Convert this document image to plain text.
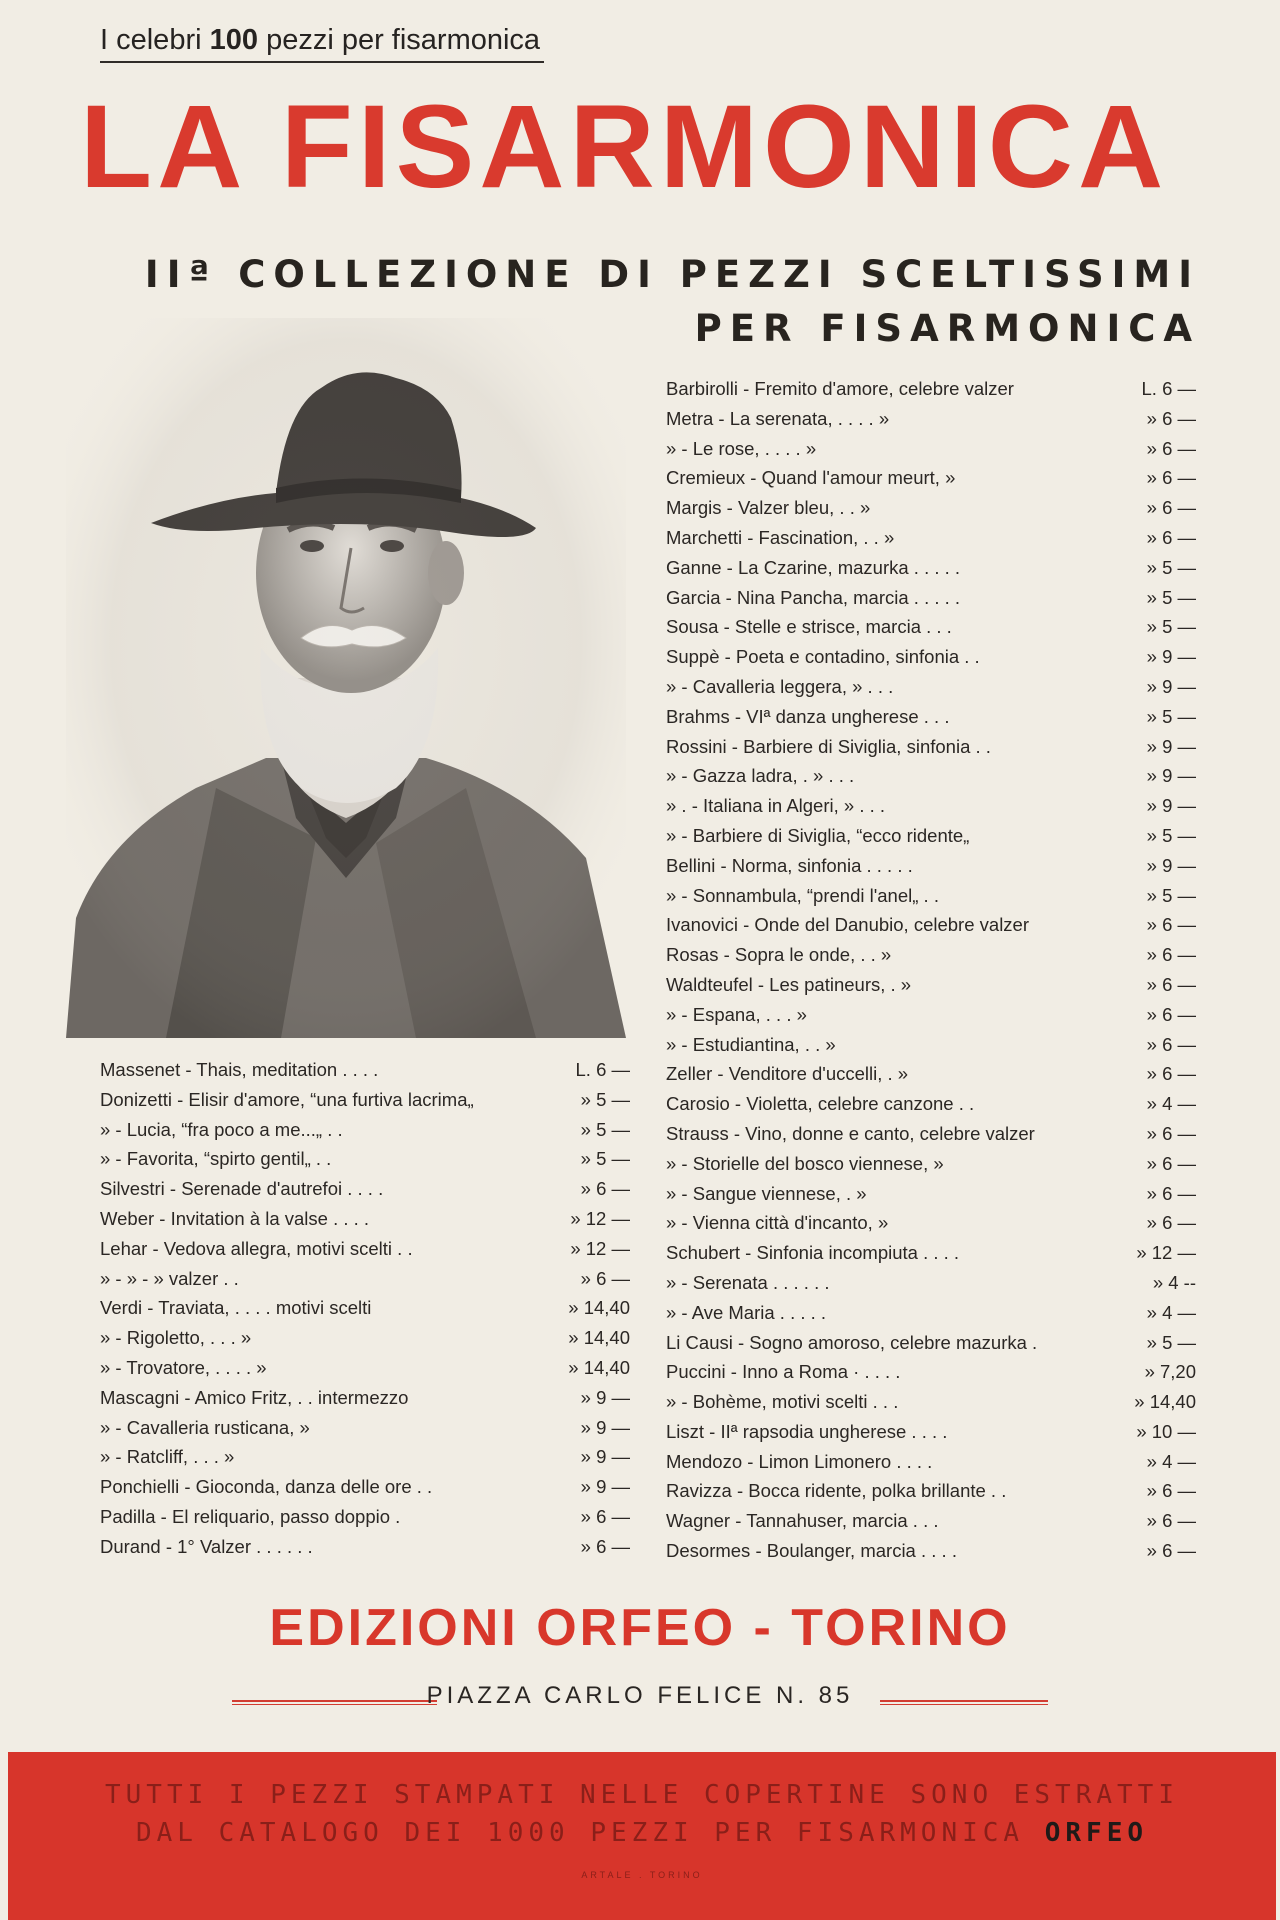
I celebri 100 pezzi per fisarmonica
LA FISARMONICA
IIª COLLEZIONE DI PEZZI SCELTISSIMI
PER FISARMONICA
Barbirolli - Fremito d'amore, celebre valzer	L. 6 —
Metra - La serenata, . . . . »	» 6 —
» - Le rose, . . . . »	» 6 —
Cremieux - Quand l'amour meurt, »	» 6 —
Margis - Valzer bleu, . . »	» 6 —
Marchetti - Fascination, . . »	» 6 —
Ganne - La Czarine, mazurka . . . . .	» 5 —
Garcia - Nina Pancha, marcia . . . . .	» 5 —
Sousa - Stelle e strisce, marcia . . .	» 5 —
Suppè - Poeta e contadino, sinfonia . .	» 9 —
» - Cavalleria leggera, » . . .	» 9 —
Brahms - VIª danza ungherese . . .	» 5 —
Rossini - Barbiere di Siviglia, sinfonia . .	» 9 —
» - Gazza ladra, . » . . .	» 9 —
» . - Italiana in Algeri, » . . .	» 9 —
» - Barbiere di Siviglia, “ecco ridente„	» 5 —
Bellini - Norma, sinfonia . . . . .	» 9 —
» - Sonnambula, “prendi l'anel„ . .	» 5 —
Ivanovici - Onde del Danubio, celebre valzer	» 6 —
Rosas - Sopra le onde, . . »	» 6 —
Waldteufel - Les patineurs, . »	» 6 —
» - Espana, . . . »	» 6 —
» - Estudiantina, . . »	» 6 —
Zeller - Venditore d'uccelli, . »	» 6 —
Carosio - Violetta, celebre canzone . .	» 4 —
Strauss - Vino, donne e canto, celebre valzer	» 6 —
» - Storielle del bosco viennese, »	» 6 —
» - Sangue viennese, . »	» 6 —
» - Vienna città d'incanto, »	» 6 —
Schubert - Sinfonia incompiuta . . . .	» 12 —
» - Serenata . . . . . .	» 4 --
» - Ave Maria . . . . .	» 4 —
Li Causi - Sogno amoroso, celebre mazurka .	» 5 —
Puccini - Inno a Roma · . . . .	» 7,20
» - Bohème, motivi scelti . . .	» 14,40
Liszt - IIª rapsodia ungherese . . . .	» 10 —
Mendozo - Limon Limonero . . . .	» 4 —
Ravizza - Bocca ridente, polka brillante . .	» 6 —
Wagner - Tannahuser, marcia . . .	» 6 —
Desormes - Boulanger, marcia . . . .	» 6 —
Massenet - Thais, meditation . . . .	L. 6 —
Donizetti - Elisir d'amore, “una furtiva lacrima„	» 5 —
» - Lucia, “fra poco a me...„ . .	» 5 —
» - Favorita, “spirto gentil„ . .	» 5 —
Silvestri - Serenade d'autrefoi . . . .	» 6 —
Weber - Invitation à la valse . . . .	» 12 —
Lehar - Vedova allegra, motivi scelti . .	» 12 —
» - » - » valzer . .	» 6 —
Verdi - Traviata, . . . . motivi scelti	» 14,40
» - Rigoletto, . . . »	» 14,40
» - Trovatore, . . . . »	» 14,40
Mascagni - Amico Fritz, . . intermezzo	» 9 —
» - Cavalleria rusticana, »	» 9 —
» - Ratcliff, . . . »	» 9 —
Ponchielli - Gioconda, danza delle ore . .	» 9 —
Padilla - El reliquario, passo doppio .	» 6 —
Durand - 1° Valzer . . . . . .	» 6 —
EDIZIONI ORFEO - TORINO
PIAZZA CARLO FELICE N. 85
TUTTI I PEZZI STAMPATI NELLE COPERTINE SONO ESTRATTI
DAL CATALOGO DEI 1000 PEZZI PER FISARMONICA ORFEO
ARTALE . TORINO
